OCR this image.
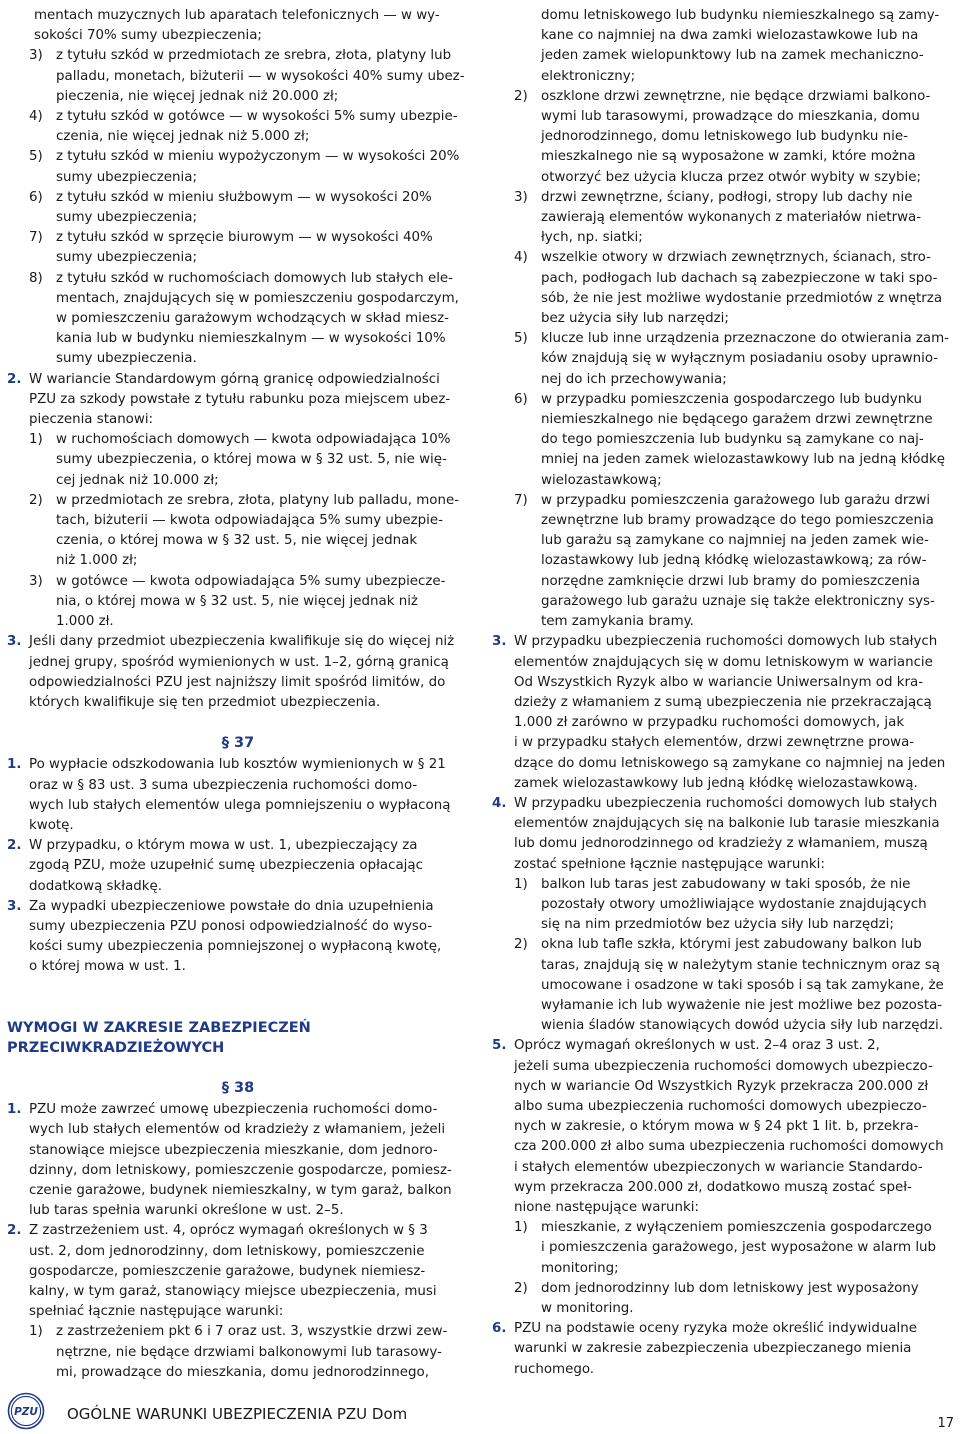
mentach muzycznych lub aparatach telefonicznych — w wy-
sokości 70% sumy ubezpieczenia;
3) z tytułu szkód w przedmiotach ze srebra, złota, platyny lub
palladu, monetach, biżuterii — w wysokości 40% sumy ubez-
pieczenia, nie więcej jednak niż 20.000 zł;
4) z tytułu szkód w gotówce — w wysokości 5% sumy ubezpie-
czenia, nie więcej jednak niż 5.000 zł;
5) z tytułu szkód w mieniu wypożyczonym — w wysokości 20%
sumy ubezpieczenia;
6) z tytułu szkód w mieniu służbowym — w wysokości 20%
sumy ubezpieczenia;
7) z tytułu szkód w sprzęcie biurowym — w wysokości 40%
sumy ubezpieczenia;
8) z tytułu szkód w ruchomościach domowych lub stałych ele-
mentach, znajdujących się w pomieszczeniu gospodarczym,
w pomieszczeniu garażowym wchodzących w skład miesz-
kania lub w budynku niemieszkalnym — w wysokości 10%
sumy ubezpieczenia.
2. W wariancie Standardowym górną granicę odpowiedzialności
PZU za szkody powstałe z tytułu rabunku poza miejscem ubez-
pieczenia stanowi:
1) w ruchomościach domowych — kwota odpowiadająca 10%
sumy ubezpieczenia, o której mowa w § 32 ust. 5, nie wię-
cej jednak niż 10.000 zł;
2) w przedmiotach ze srebra, złota, platyny lub palladu, mone-
tach, biżuterii — kwota odpowiadająca 5% sumy ubezpie-
czenia, o której mowa w § 32 ust. 5, nie więcej jednak
niż 1.000 zł;
3) w gotówce — kwota odpowiadająca 5% sumy ubezpiecze-
nia, o której mowa w § 32 ust. 5, nie więcej jednak niż
1.000 zł.
3. Jeśli dany przedmiot ubezpieczenia kwalifikuje się do więcej niż
jednej grupy, spośród wymienionych w ust. 1–2, górną granicą
odpowiedzialności PZU jest najniższy limit spośród limitów, do
których kwalifikuje się ten przedmiot ubezpieczenia.
§ 37
1. Po wypłacie odszkodowania lub kosztów wymienionych w § 21
oraz w § 83 ust. 3 suma ubezpieczenia ruchomości domo-
wych lub stałych elementów ulega pomniejszeniu o wypłaconą
kwotę.
2. W przypadku, o którym mowa w ust. 1, ubezpieczający za
zgodą PZU, może uzupełnić sumę ubezpieczenia opłacając
dodatkową składkę.
3. Za wypadki ubezpieczeniowe powstałe do dnia uzupełnienia
sumy ubezpieczenia PZU ponosi odpowiedzialność do wyso-
kości sumy ubezpieczenia pomniejszonej o wypłaconą kwotę,
o której mowa w ust. 1.
WYMOGI W ZAKRESIE ZABEZPIECZEŃ
PRZECIWKRADZIEŻOWYCH
§ 38
1. PZU może zawrzeć umowę ubezpieczenia ruchomości domo-
wych lub stałych elementów od kradzieży z włamaniem, jeżeli
stanowiące miejsce ubezpieczenia mieszkanie, dom jednoro-
dzinny, dom letniskowy, pomieszczenie gospodarcze, pomiesz-
czenie garażowe, budynek niemieszkalny, w tym garaż, balkon
lub taras spełnia warunki określone w ust. 2–5.
2. Z zastrzeżeniem ust. 4, oprócz wymagań określonych w § 3
ust. 2, dom jednorodzinny, dom letniskowy, pomieszczenie
gospodarcze, pomieszczenie garażowe, budynek niemiesz-
kalny, w tym garaż, stanowiący miejsce ubezpieczenia, musi
spełniać łącznie następujące warunki:
1) z zastrzeżeniem pkt 6 i 7 oraz ust. 3, wszystkie drzwi zew-
nętrzne, nie będące drzwiami balkonowymi lub tarasowy-
mi, prowadzące do mieszkania, domu jednorodzinnego,
domu letniskowego lub budynku niemieszkalnego są zamy-
kane co najmniej na dwa zamki wielozastawkowe lub na
jeden zamek wielopunktowy lub na zamek mechaniczno-
elektroniczny;
2) oszklone drzwi zewnętrzne, nie będące drzwiami balkono-
wymi lub tarasowymi, prowadzące do mieszkania, domu
jednorodzinnego, domu letniskowego lub budynku nie-
mieszkalnego nie są wyposażone w zamki, które można
otworzyć bez użycia klucza przez otwór wybity w szybie;
3) drzwi zewnętrzne, ściany, podłogi, stropy lub dachy nie
zawierają elementów wykonanych z materiałów nietrwa-
łych, np. siatki;
4) wszelkie otwory w drzwiach zewnętrznych, ścianach, stro-
pach, podłogach lub dachach są zabezpieczone w taki spo-
sób, że nie jest możliwe wydostanie przedmiotów z wnętrza
bez użycia siły lub narzędzi;
5) klucze lub inne urządzenia przeznaczone do otwierania zam-
ków znajdują się w wyłącznym posiadaniu osoby uprawnio-
nej do ich przechowywania;
6) w przypadku pomieszczenia gospodarczego lub budynku
niemieszkalnego nie będącego garażem drzwi zewnętrzne
do tego pomieszczenia lub budynku są zamykane co naj-
mniej na jeden zamek wielozastawkowy lub na jedną kłódkę
wielozastawkową;
7) w przypadku pomieszczenia garażowego lub garażu drzwi
zewnętrzne lub bramy prowadzące do tego pomieszczenia
lub garażu są zamykane co najmniej na jeden zamek wie-
lozastawkowy lub jedną kłódkę wielozastawkową; za rów-
norzędne zamknięcie drzwi lub bramy do pomieszczenia
garażowego lub garażu uznaje się także elektroniczny sys-
tem zamykania bramy.
3. W przypadku ubezpieczenia ruchomości domowych lub stałych
elementów znajdujących się w domu letniskowym w wariancie
Od Wszystkich Ryzyk albo w wariancie Uniwersalnym od kra-
dzieży z włamaniem z sumą ubezpieczenia nie przekraczającą
1.000 zł zarówno w przypadku ruchomości domowych, jak
i w przypadku stałych elementów, drzwi zewnętrzne prowa-
dzące do domu letniskowego są zamykane co najmniej na jeden
zamek wielozastawkowy lub jedną kłódkę wielozastawkową.
4. W przypadku ubezpieczenia ruchomości domowych lub stałych
elementów znajdujących się na balkonie lub tarasie mieszkania
lub domu jednorodzinnego od kradzieży z włamaniem, muszą
zostać spełnione łącznie następujące warunki:
1) balkon lub taras jest zabudowany w taki sposób, że nie
pozostały otwory umożliwiające wydostanie znajdujących
się na nim przedmiotów bez użycia siły lub narzędzi;
2) okna lub tafle szkła, którymi jest zabudowany balkon lub
taras, znajdują się w należytym stanie technicznym oraz są
umocowane i osadzone w taki sposób i są tak zamykane, że
wyłamanie ich lub wyważenie nie jest możliwe bez pozosta-
wienia śladów stanowiących dowód użycia siły lub narzędzi.
5. Oprócz wymagań określonych w ust. 2–4 oraz 3 ust. 2,
jeżeli suma ubezpieczenia ruchomości domowych ubezpieczo-
nych w wariancie Od Wszystkich Ryzyk przekracza 200.000 zł
albo suma ubezpieczenia ruchomości domowych ubezpieczo-
nych w zakresie, o którym mowa w § 24 pkt 1 lit. b, przekra-
cza 200.000 zł albo suma ubezpieczenia ruchomości domowych
i stałych elementów ubezpieczonych w wariancie Standardo-
wym przekracza 200.000 zł, dodatkowo muszą zostać speł-
nione następujące warunki:
1) mieszkanie, z wyłączeniem pomieszczenia gospodarczego
i pomieszczenia garażowego, jest wyposażone w alarm lub
monitoring;
2) dom jednorodzinny lub dom letniskowy jest wyposażony
w monitoring.
6. PZU na podstawie oceny ryzyka może określić indywidualne
warunki w zakresie zabezpieczenia ubezpieczanego mienia
ruchomego.
PZU OGÓLNE WARUNKI UBEZPIECZENIA PZU Dom
17
